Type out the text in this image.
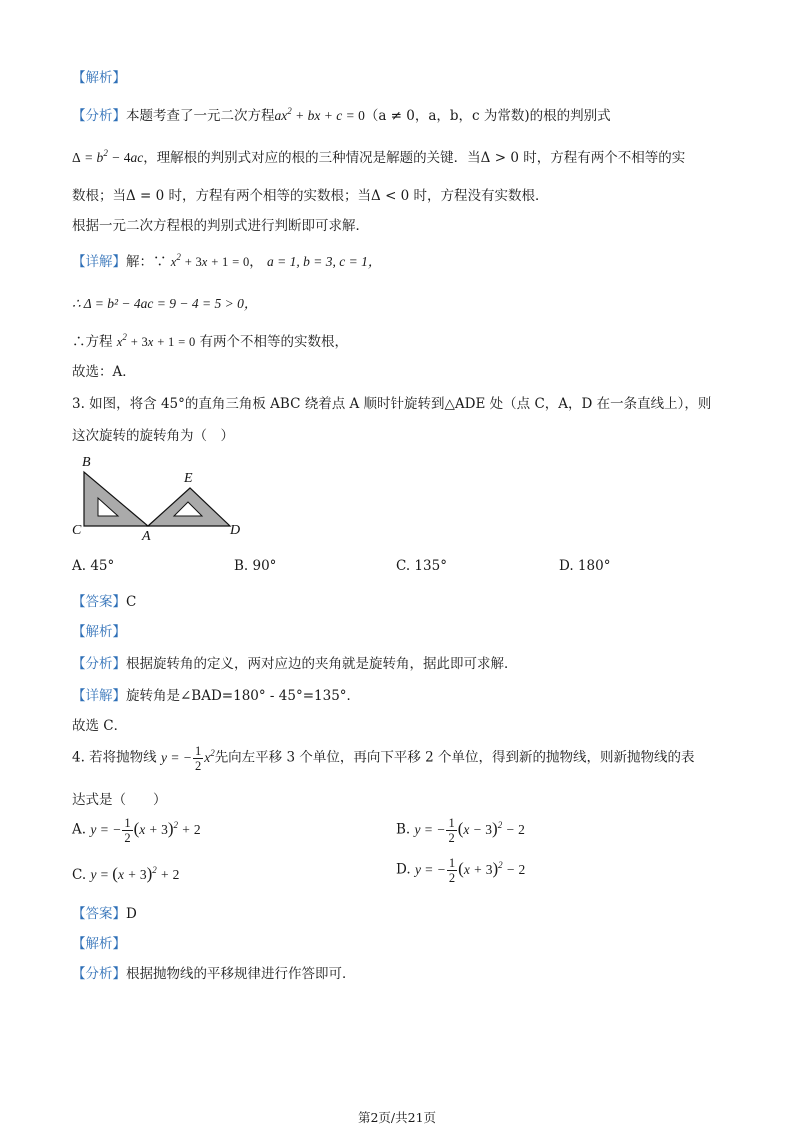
【解析】
【分析】本题考查了一元二次方程$ax^2$ + bx + c = 0（a ≠ 0，a，b，c 为常数)的根的判别式
$\Delta = b^2 - 4ac$，理解根的判别式对应的根的三种情况是解题的关键．当Δ > 0 时，方程有两个不相等的实
数根；当Δ = 0 时，方程有两个相等的实数根；当Δ < 0 时，方程没有实数根．
根据一元二次方程根的判别式进行判断即可求解．
【详解】解：∵ $x^2 + 3x + 1 = 0$， a = 1, b = 3, c = 1，
∴ Δ = b² − 4ac = 9 − 4 = 5 > 0，
∴方程 $x^2 + 3x + 1 = 0$ 有两个不相等的实数根，
故选：A．
3. 如图，将含 45°的直角三角板 ABC 绕着点 A 顺时针旋转到△ADE 处（点 C，A，D 在一条直线上），则
这次旋转的旋转角为（　）
B
C	A
E
D
A. 45°	B. 90°	C. 135°	D. 180°
【答案】C
【解析】
【分析】根据旋转角的定义，两对应边的夹角就是旋转角，据此即可求解．
【详解】旋转角是∠BAD=180° - 45°=135°．
故选 C．
4. 若将抛物线 y = − $\frac{1}{2} x^2$先向左平移 3 个单位，再向下平移 2 个单位，得到新的抛物线，则新抛物线的表
达式是（　　）
A. y = − $\frac{1}{2} (x + 3)^2 + 2$	B. y = − $\frac{1}{2} (x - 3)^2 - 2$
C. $y = (x + 3)^2 + 2$	D. y = − $\frac{1}{2} (x + 3)^2 - 2$
【答案】D
【解析】
【分析】根据抛物线的平移规律进行作答即可．
第2页/共21页
